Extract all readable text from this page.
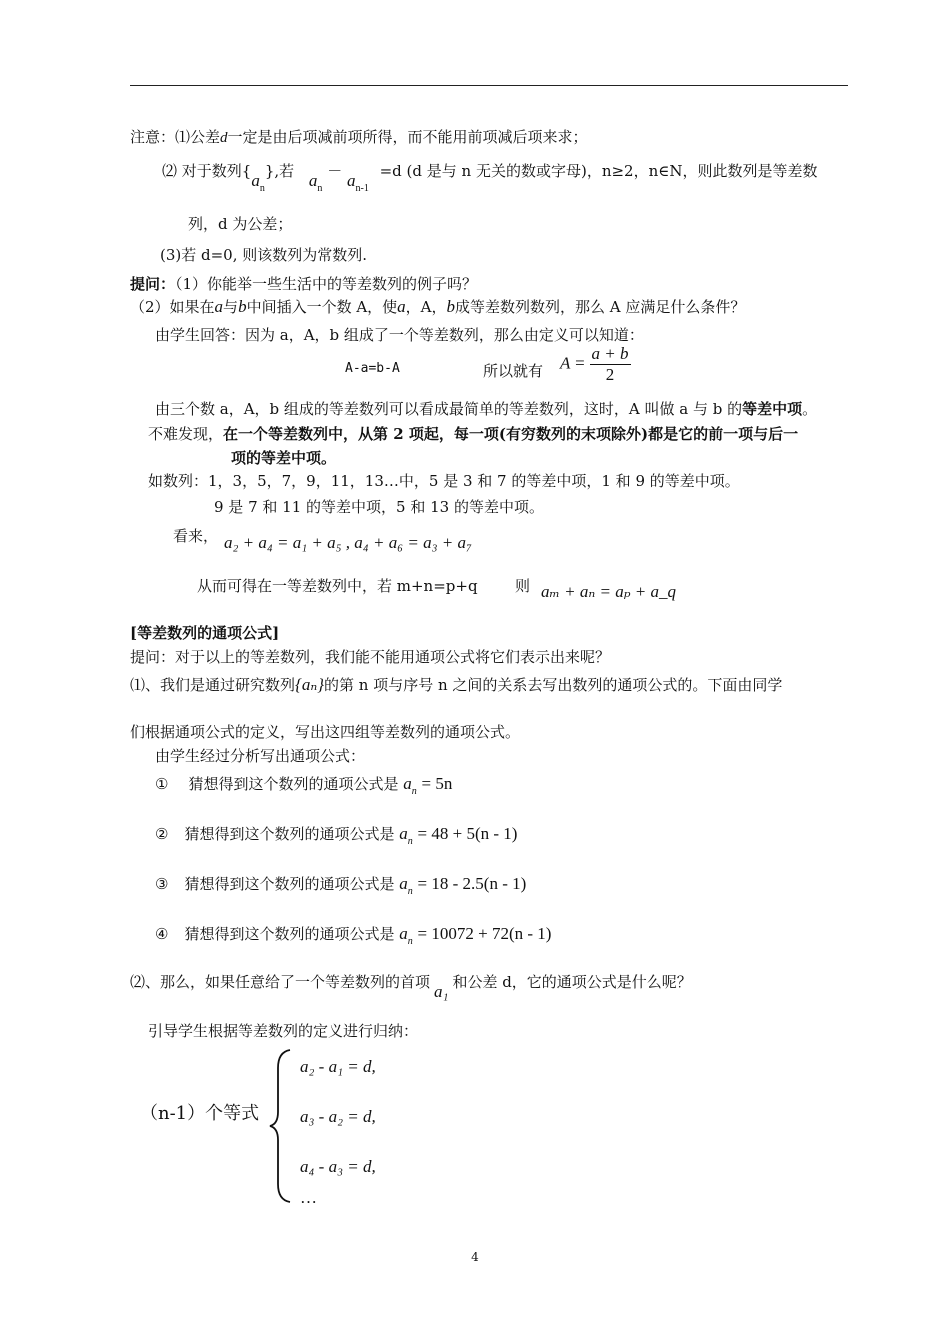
注意：⑴公差d一定是由后项减前项所得，而不能用前项减后项来求；
⑵ 对于数列$\{a_n\}$,若 $a_n - a_{n-1} =d$ (d 是与 n 无关的数或字母)，n≥2，n∈N，则此数列是等差数
列，d 为公差；
(3)若 d=0, 则该数列为常数列.
提问：（1）你能举一些生活中的等差数列的例子吗？
（2）如果在a与b中间插入一个数 A，使a，A，b成等差数列数列，那么 A 应满足什么条件？
由学生回答：因为 a，A，b 组成了一个等差数列，那么由定义可以知道：
A-a=b-A	所以就有 $A = \frac{a + b}{2}$
由三个数 a，A，b 组成的等差数列可以看成最简单的等差数列，这时，A 叫做 a 与 b 的等差中项。
不难发现，在一个等差数列中，从第 2 项起，每一项(有穷数列的末项除外)都是它的前一项与后一
项的等差中项。
如数列：1，3，5，7，9，11，13…中，5 是 3 和 7 的等差中项，1 和 9 的等差中项。
9 是 7 和 11 的等差中项，5 和 13 的等差中项。
看来， a₂ + a₄ = a₁ + a₅ , a₄ + a₆ = a₃ + a₇
从而可得在一等差数列中，若 m+n=p+q 则 aₘ + aₙ = aₚ + a_q
[等差数列的通项公式]
提问：对于以上的等差数列，我们能不能用通项公式将它们表示出来呢？
⑴、我们是通过研究数列{aₙ}的第 n 项与序号 n 之间的关系去写出数列的通项公式的。下面由同学
们根据通项公式的定义，写出这四组等差数列的通项公式。
由学生经过分析写出通项公式：
① 猜想得到这个数列的通项公式是 $a_n = 5n$
② 猜想得到这个数列的通项公式是 $a_n = 48 + 5(n - 1)$
③ 猜想得到这个数列的通项公式是 $a_n = 18 - 2.5(n - 1)$
④ 猜想得到这个数列的通项公式是 $a_n = 10072 + 72(n - 1)$
⑵、那么，如果任意给了一个等差数列的首项 a₁ 和公差 d，它的通项公式是什么呢？
引导学生根据等差数列的定义进行归纳：
（n-1）个等式
a₂ - a₁ = d,
a₃ - a₂ = d,
a₄ - a₃ = d,
…
4
